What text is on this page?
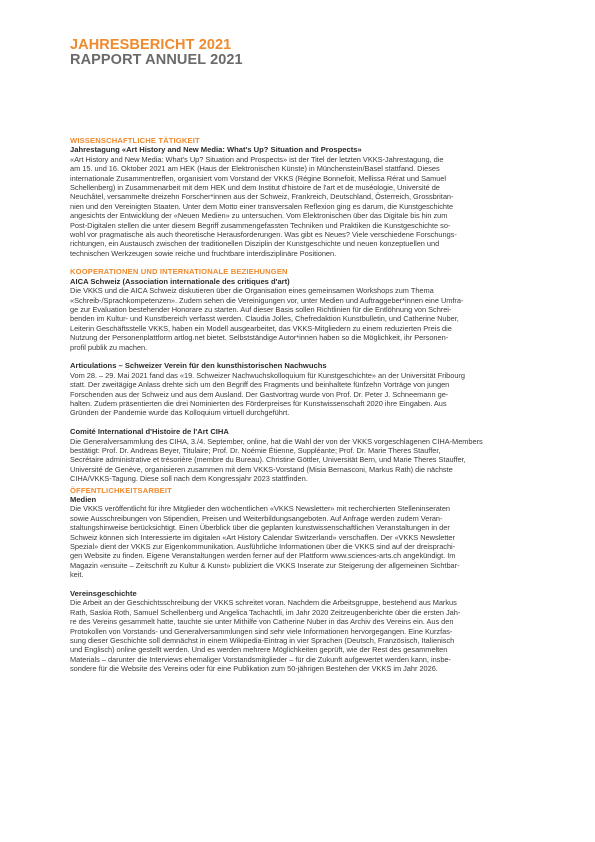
JAHRESBERICHT 2021
RAPPORT ANNUEL 2021
WISSENSCHAFTLICHE TÄTIGKEIT
Jahrestagung «Art History and New Media: What's Up? Situation and Prospects»
«Art History and New Media: What's Up? Situation and Prospects» ist der Titel der letzten VKKS-Jahrestagung, die
am 15. und 16. Oktober 2021 am HEK (Haus der Elektronischen Künste) in Münchenstein/Basel stattfand. Dieses
internationale Zusammentreffen, organisiert vom Vorstand der VKKS (Régine Bonnefoit, Mellissa Rérat und Samuel
Schellenberg) in Zusammenarbeit mit dem HEK und dem Institut d'histoire de l'art et de muséologie, Université de
Neuchâtel, versammelte dreizehn Forscher*innen aus der Schweiz, Frankreich, Deutschland, Österreich, Grossbritan-
nien und den Vereinigten Staaten. Unter dem Motto einer transversalen Reflexion ging es darum, die Kunstgeschichte
angesichts der Entwicklung der «Neuen Medien» zu untersuchen. Vom Elektronischen über das Digitale bis hin zum
Post-Digitalen stellen die unter diesem Begriff zusammengefassten Techniken und Praktiken die Kunstgeschichte so-
wohl vor pragmatische als auch theoretische Herausforderungen. Was gibt es Neues? Viele verschiedene Forschungs-
richtungen, ein Austausch zwischen der traditionellen Disziplin der Kunstgeschichte und neuen konzeptuellen und
technischen Werkzeugen sowie reiche und fruchtbare interdisziplinäre Positionen.
KOOPERATIONEN UND INTERNATIONALE BEZIEHUNGEN
AICA Schweiz (Association internationale des critiques d'art)
Die VKKS und die AICA Schweiz diskutieren über die Organisation eines gemeinsamen Workshops zum Thema
«Schreib-/Sprachkompetenzen». Zudem sehen die Vereinigungen vor, unter Medien und Auftraggeber*innen eine Umfra-
ge zur Evaluation bestehender Honorare zu starten. Auf dieser Basis sollen Richtlinien für die Entlöhnung von Schrei-
benden im Kultur- und Kunstbereich verfasst werden. Claudia Jolles, Chefredaktion Kunstbulletin, und Catherine Nuber,
Leiterin Geschäftsstelle VKKS, haben ein Modell ausgearbeitet, das VKKS-Mitgliedern zu einem reduzierten Preis die
Nutzung der Personenplattform artlog.net bietet. Selbstständige Autor*innen haben so die Möglichkeit, ihr Personen-
profil publik zu machen.
Articulations – Schweizer Verein für den kunsthistorischen Nachwuchs
Vom 28. – 29. Mai 2021 fand das «19. Schweizer Nachwuchskolloquium für Kunstgeschichte» an der Universität Fribourg
statt. Der zweitägige Anlass drehte sich um den Begriff des Fragments und beinhaltete fünfzehn Vorträge von jungen
Forschenden aus der Schweiz und aus dem Ausland. Der Gastvortrag wurde von Prof. Dr. Peter J. Schneemann ge-
halten. Zudem präsentierten die drei Nominierten des Förderpreises für Kunstwissenschaft 2020 ihre Eingaben. Aus
Gründen der Pandemie wurde das Kolloquium virtuell durchgeführt.
Comité International d'Histoire de l'Art CIHA
Die Generalversammlung des CIHA, 3./4. September, online, hat die Wahl der von der VKKS vorgeschlagenen CIHA-Members
bestätigt: Prof. Dr. Andreas Beyer, Titulaire; Prof. Dr. Noémie Étienne, Suppléante; Prof. Dr. Marie Theres Stauffer,
Secrétaire administrative et trésorière (membre du Bureau). Christine Göttler, Universität Bern, und Marie Theres Stauffer,
Université de Genève, organisieren zusammen mit dem VKKS-Vorstand (Misia Bernasconi, Markus Rath) die nächste
CIHA/VKKS-Tagung. Diese soll nach dem Kongressjahr 2023 stattfinden.
ÖFFENTLICHKEITSARBEIT
Medien
Die VKKS veröffentlicht für ihre Mitglieder den wöchentlichen «VKKS Newsletter» mit recherchierten Stelleninseraten
sowie Ausschreibungen von Stipendien, Preisen und Weiterbildungsangeboten. Auf Anfrage werden zudem Veran-
staltungshinweise berücksichtigt. Einen Überblick über die geplanten kunstwissenschaftlichen Veranstaltungen in der
Schweiz können sich Interessierte im digitalen «Art History Calendar Switzerland» verschaffen. Der «VKKS Newsletter
Spezial» dient der VKKS zur Eigenkommunikation. Ausführliche Informationen über die VKKS sind auf der dreisprachi-
gen Website zu finden. Eigene Veranstaltungen werden ferner auf der Plattform www.sciences-arts.ch angekündigt. Im
Magazin «ensuite – Zeitschrift zu Kultur & Kunst» publiziert die VKKS Inserate zur Steigerung der allgemeinen Sichtbar-
keit.
Vereinsgeschichte
Die Arbeit an der Geschichtsschreibung der VKKS schreitet voran. Nachdem die Arbeitsgruppe, bestehend aus Markus
Rath, Saskia Roth, Samuel Schellenberg und Angelica Tachachtli, im Jahr 2020 Zeitzeugenberichte über die ersten Jah-
re des Vereins gesammelt hatte, tauchte sie unter Mithilfe von Catherine Nuber in das Archiv des Vereins ein. Aus den
Protokollen von Vorstands- und Generalversammlungen sind sehr viele Informationen hervorgegangen. Eine Kurzfas-
sung dieser Geschichte soll demnächst in einem Wikipedia-Eintrag in vier Sprachen (Deutsch, Französisch, Italienisch
und Englisch) online gestellt werden. Und es werden mehrere Möglichkeiten geprüft, wie der Rest des gesammelten
Materials – darunter die Interviews ehemaliger Vorstandsmitglieder – für die Zukunft aufgewertet werden kann, insbe-
sondere für die Website des Vereins oder für eine Publikation zum 50-jährigen Bestehen der VKKS im Jahr 2026.
